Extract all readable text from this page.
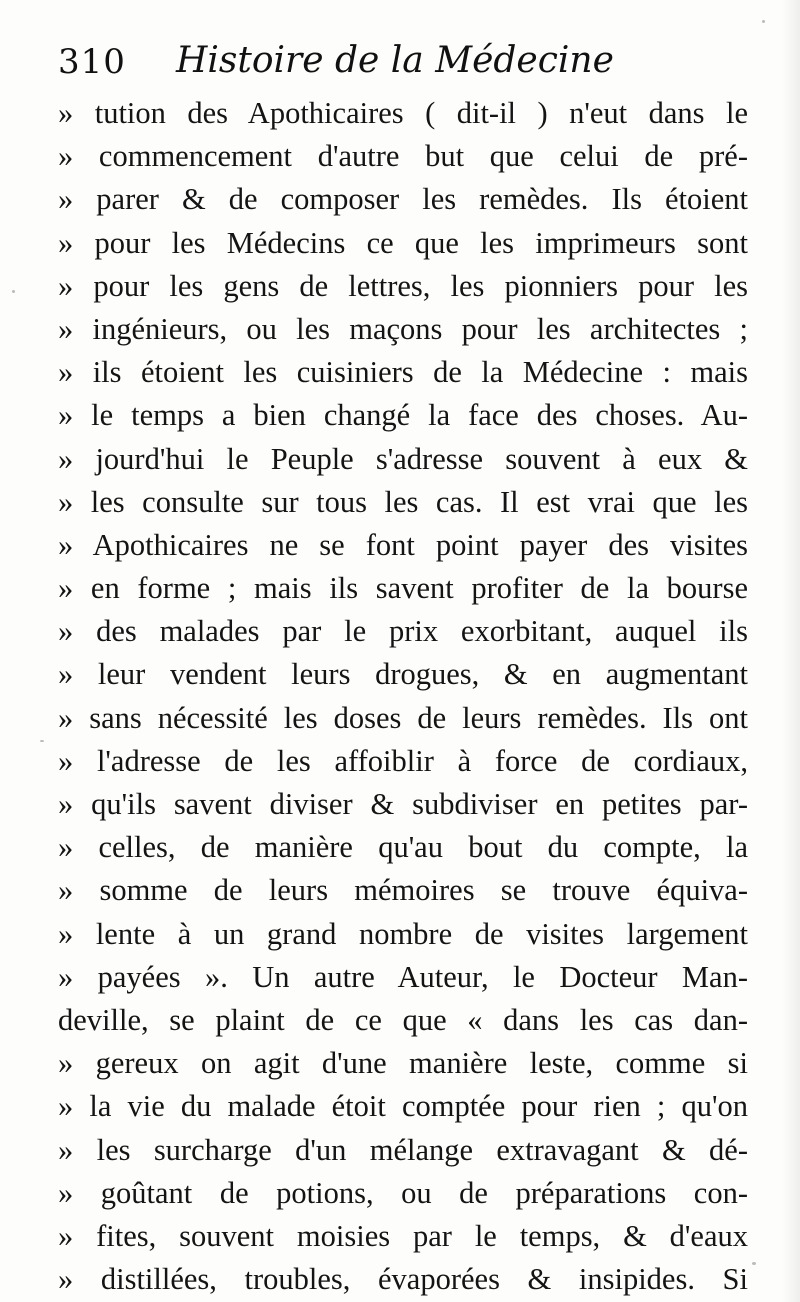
310 Histoire de la Médecine
» tution des Apothicaires ( dit-il ) n'eut dans le
» commencement d'autre but que celui de pré-
» parer & de composer les remèdes. Ils étoient
» pour les Médecins ce que les imprimeurs sont
» pour les gens de lettres, les pionniers pour les
» ingénieurs, ou les maçons pour les architectes ;
» ils étoient les cuisiniers de la Médecine : mais
» le temps a bien changé la face des choses. Au-
» jourd'hui le Peuple s'adresse souvent à eux &
» les consulte sur tous les cas. Il est vrai que les
» Apothicaires ne se font point payer des visites
» en forme ; mais ils savent profiter de la bourse
» des malades par le prix exorbitant, auquel ils
» leur vendent leurs drogues, & en augmentant
» sans nécessité les doses de leurs remèdes. Ils ont
» l'adresse de les affoiblir à force de cordiaux,
» qu'ils savent diviser & subdiviser en petites par-
» celles, de manière qu'au bout du compte, la
» somme de leurs mémoires se trouve équiva-
» lente à un grand nombre de visites largement
» payées ». Un autre Auteur, le Docteur Man-
deville, se plaint de ce que « dans les cas dan-
» gereux on agit d'une manière leste, comme si
» la vie du malade étoit comptée pour rien ; qu'on
» les surcharge d'un mélange extravagant & dé-
» goûtant de potions, ou de préparations con-
» fites, souvent moisies par le temps, & d'eaux
» distillées, troubles, évaporées & insipides. Si
